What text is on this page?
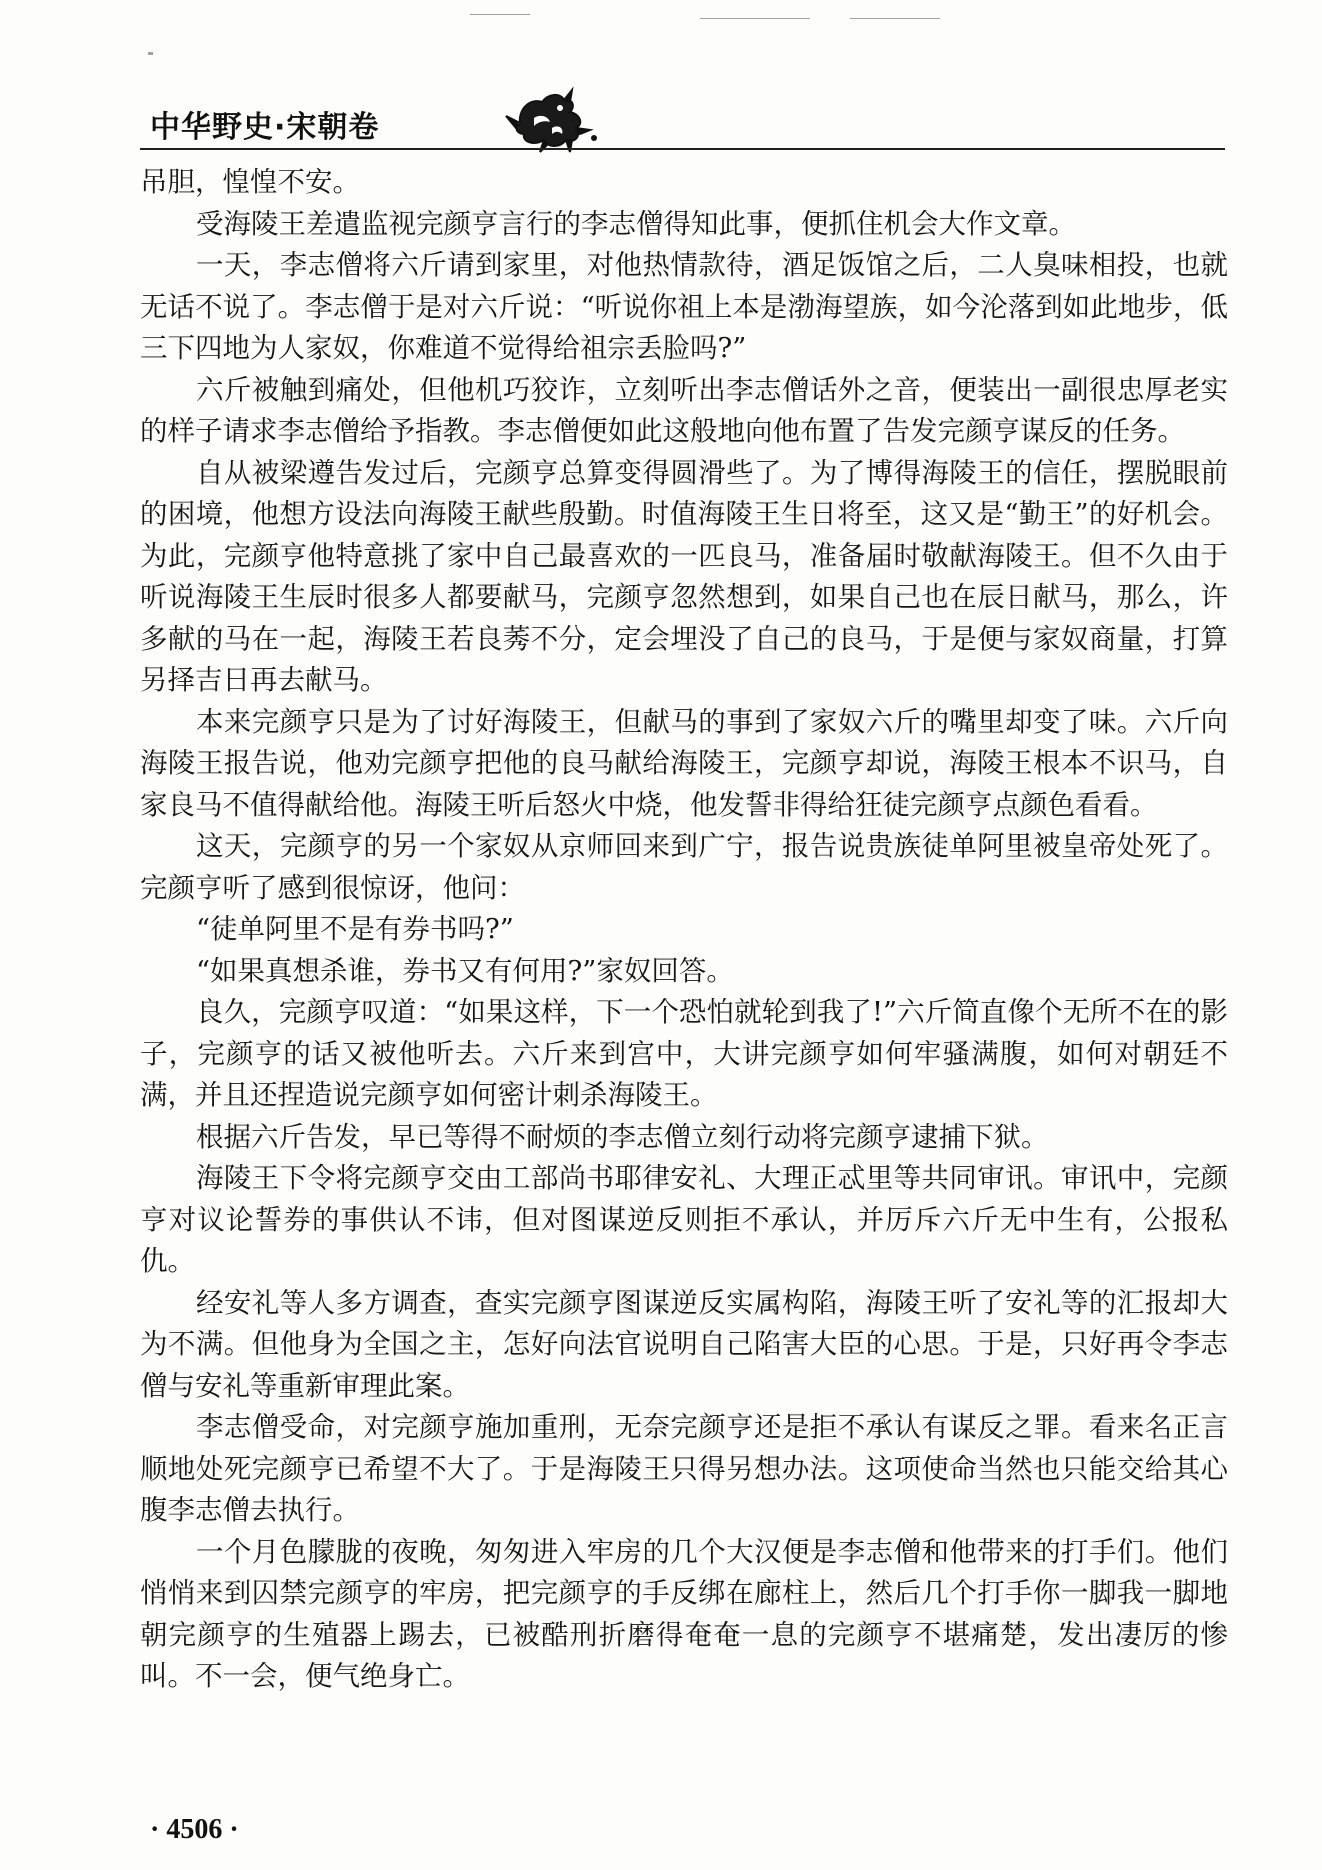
中华野史·宋朝卷

吊胆，惶惶不安。

受海陵王差遣监视完颜亨言行的李志僧得知此事，便抓住机会大作文章。

一天，李志僧将六斤请到家里，对他热情款待，酒足饭馆之后，二人臭味相投，也就无话不说了。李志僧于是对六斤说：“听说你祖上本是渤海望族，如今沦落到如此地步，低三下四地为人家奴，你难道不觉得给祖宗丢脸吗?”

六斤被触到痛处，但他机巧狡诈，立刻听出李志僧话外之音，便装出一副很忠厚老实的样子请求李志僧给予指教。李志僧便如此这般地向他布置了告发完颜亨谋反的任务。

自从被梁遵告发过后，完颜亨总算变得圆滑些了。为了博得海陵王的信任，摆脱眼前的困境，他想方设法向海陵王献些殷勤。时值海陵王生日将至，这又是“勤王”的好机会。为此，完颜亨他特意挑了家中自己最喜欢的一匹良马，准备届时敬献海陵王。但不久由于听说海陵王生辰时很多人都要献马，完颜亨忽然想到，如果自己也在辰日献马，那么，许多献的马在一起，海陵王若良莠不分，定会埋没了自己的良马，于是便与家奴商量，打算另择吉日再去献马。

本来完颜亨只是为了讨好海陵王，但献马的事到了家奴六斤的嘴里却变了味。六斤向海陵王报告说，他劝完颜亨把他的良马献给海陵王，完颜亨却说，海陵王根本不识马，自家良马不值得献给他。海陵王听后怒火中烧，他发誓非得给狂徒完颜亨点颜色看看。

这天，完颜亨的另一个家奴从京师回来到广宁，报告说贵族徒单阿里被皇帝处死了。完颜亨听了感到很惊讶，他问：

“徒单阿里不是有券书吗?”

“如果真想杀谁，券书又有何用?”家奴回答。

良久，完颜亨叹道：“如果这样，下一个恐怕就轮到我了!”六斤简直像个无所不在的影子，完颜亨的话又被他听去。六斤来到宫中，大讲完颜亨如何牢骚满腹，如何对朝廷不满，并且还捏造说完颜亨如何密计刺杀海陵王。

根据六斤告发，早已等得不耐烦的李志僧立刻行动将完颜亨逮捕下狱。

海陵王下令将完颜亨交由工部尚书耶律安礼、大理正忒里等共同审讯。审讯中，完颜亨对议论誓券的事供认不讳，但对图谋逆反则拒不承认，并厉斥六斤无中生有，公报私仇。

经安礼等人多方调查，查实完颜亨图谋逆反实属构陷，海陵王听了安礼等的汇报却大为不满。但他身为全国之主，怎好向法官说明自己陷害大臣的心思。于是，只好再令李志僧与安礼等重新审理此案。

李志僧受命，对完颜亨施加重刑，无奈完颜亨还是拒不承认有谋反之罪。看来名正言顺地处死完颜亨已希望不大了。于是海陵王只得另想办法。这项使命当然也只能交给其心腹李志僧去执行。

一个月色朦胧的夜晚，匆匆进入牢房的几个大汉便是李志僧和他带来的打手们。他们悄悄来到囚禁完颜亨的牢房，把完颜亨的手反绑在廊柱上，然后几个打手你一脚我一脚地朝完颜亨的生殖器上踢去，已被酷刑折磨得奄奄一息的完颜亨不堪痛楚，发出凄厉的惨叫。不一会，便气绝身亡。

· 4506 ·
